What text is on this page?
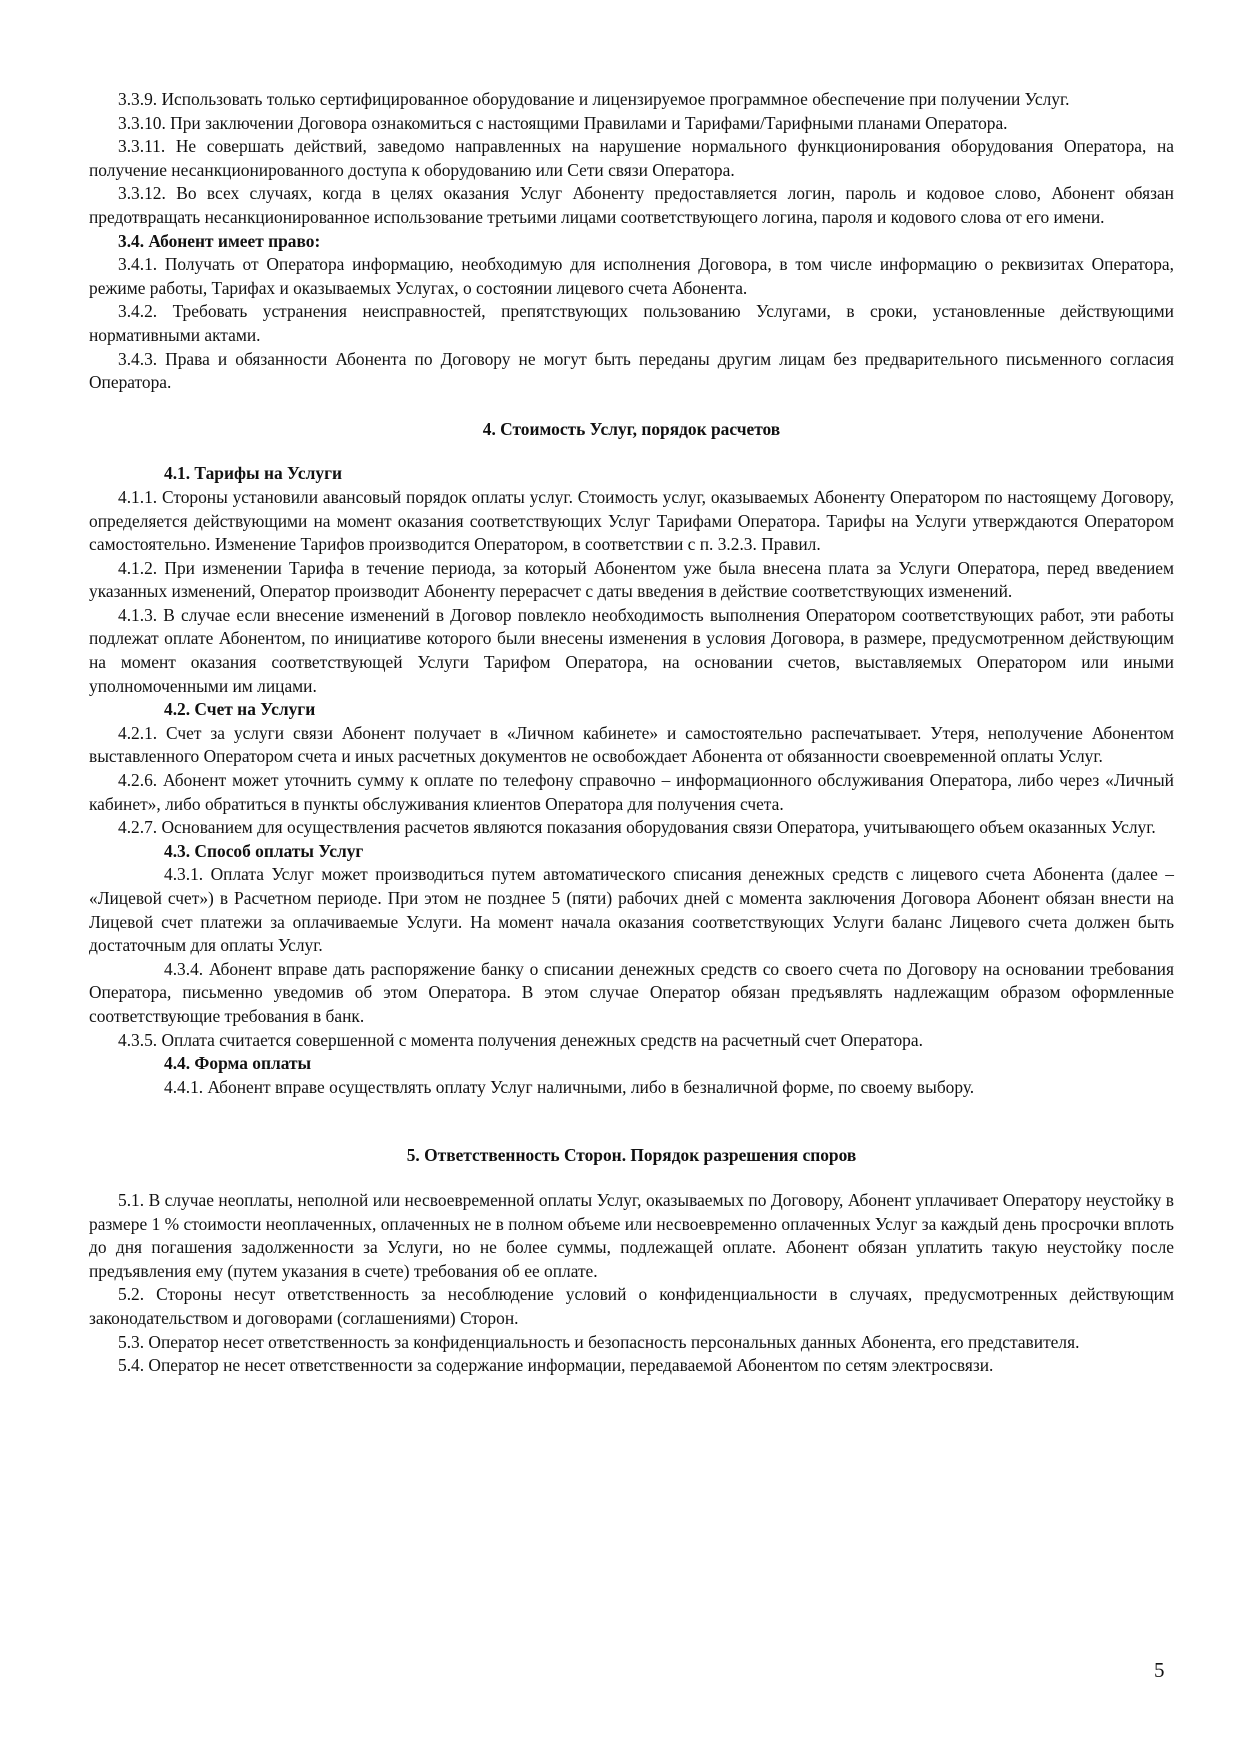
3.3.9. Использовать только сертифицированное оборудование и лицензируемое программное обеспечение при получении Услуг.

3.3.10. При заключении Договора ознакомиться с настоящими Правилами и Тарифами/Тарифными планами Оператора.

3.3.11. Не совершать действий, заведомо направленных на нарушение нормального функционирования оборудования Оператора, на получение несанкционированного доступа к оборудованию или Сети связи Оператора.

3.3.12. Во всех случаях, когда в целях оказания Услуг Абоненту предоставляется логин, пароль и кодовое слово, Абонент обязан предотвращать несанкционированное использование третьими лицами соответствующего логина, пароля и кодового слова от его имени.

3.4. Абонент имеет право:

3.4.1. Получать от Оператора информацию, необходимую для исполнения Договора, в том числе информацию о реквизитах Оператора, режиме работы, Тарифах и оказываемых Услугах, о состоянии лицевого счета Абонента.

3.4.2. Требовать устранения неисправностей, препятствующих пользованию Услугами, в сроки, установленные действующими нормативными актами.

3.4.3. Права и обязанности Абонента по Договору не могут быть переданы другим лицам без предварительного письменного согласия Оператора.

4. Стоимость Услуг, порядок расчетов
4.1. Тарифы на Услуги

4.1.1. Стороны установили авансовый порядок оплаты услуг. Стоимость услуг, оказываемых Абоненту Оператором по настоящему Договору, определяется действующими на момент оказания соответствующих Услуг Тарифами Оператора. Тарифы на Услуги утверждаются Оператором самостоятельно. Изменение Тарифов производится Оператором, в соответствии с п. 3.2.3. Правил.

4.1.2. При изменении Тарифа в течение периода, за который Абонентом уже была внесена плата за Услуги Оператора, перед введением указанных изменений, Оператор производит Абоненту перерасчет с даты введения в действие соответствующих изменений.

4.1.3. В случае если внесение изменений в Договор повлекло необходимость выполнения Оператором соответствующих работ, эти работы подлежат оплате Абонентом, по инициативе которого были внесены изменения в условия Договора, в размере, предусмотренном действующим на момент оказания соответствующей Услуги Тарифом Оператора, на основании счетов, выставляемых Оператором или иными уполномоченными им лицами.

4.2. Счет на Услуги

4.2.1. Счет за услуги связи Абонент получает в «Личном кабинете» и самостоятельно распечатывает. Утеря, неполучение Абонентом выставленного Оператором счета и иных расчетных документов не освобождает Абонента от обязанности своевременной оплаты Услуг.

4.2.6. Абонент может уточнить сумму к оплате по телефону справочно – информационного обслуживания Оператора, либо через «Личный кабинет», либо обратиться в пункты обслуживания клиентов Оператора для получения счета.

4.2.7. Основанием для осуществления расчетов являются показания оборудования связи Оператора, учитывающего объем оказанных Услуг.

4.3. Способ оплаты Услуг

4.3.1. Оплата Услуг может производиться путем автоматического списания денежных средств с лицевого счета Абонента (далее – «Лицевой счет») в Расчетном периоде. При этом не позднее 5 (пяти) рабочих дней с момента заключения Договора Абонент обязан внести на Лицевой счет платежи за оплачиваемые Услуги. На момент начала оказания соответствующих Услуги баланс Лицевого счета должен быть достаточным для оплаты Услуг.

4.3.4. Абонент вправе дать распоряжение банку о списании денежных средств со своего счета по Договору на основании требования Оператора, письменно уведомив об этом Оператора. В этом случае Оператор обязан предъявлять надлежащим образом оформленные соответствующие требования в банк.

4.3.5. Оплата считается совершенной с момента получения денежных средств на расчетный счет Оператора.

4.4. Форма оплаты

4.4.1. Абонент вправе осуществлять оплату Услуг наличными, либо в безналичной форме, по своему выбору.

5. Ответственность Сторон. Порядок разрешения споров

5.1. В случае неоплаты, неполной или несвоевременной оплаты Услуг, оказываемых по Договору, Абонент уплачивает Оператору неустойку в размере 1 % стоимости неоплаченных, оплаченных не в полном объеме или несвоевременно оплаченных Услуг за каждый день просрочки вплоть до дня погашения задолженности за Услуги, но не более суммы, подлежащей оплате. Абонент обязан уплатить такую неустойку после предъявления ему (путем указания в счете) требования об ее оплате.

5.2. Стороны несут ответственность за несоблюдение условий о конфиденциальности в случаях, предусмотренных действующим законодательством и договорами (соглашениями) Сторон.

5.3. Оператор несет ответственность за конфиденциальность и безопасность персональных данных Абонента, его представителя.

5.4. Оператор не несет ответственности за содержание информации, передаваемой Абонентом по сетям электросвязи.

5
